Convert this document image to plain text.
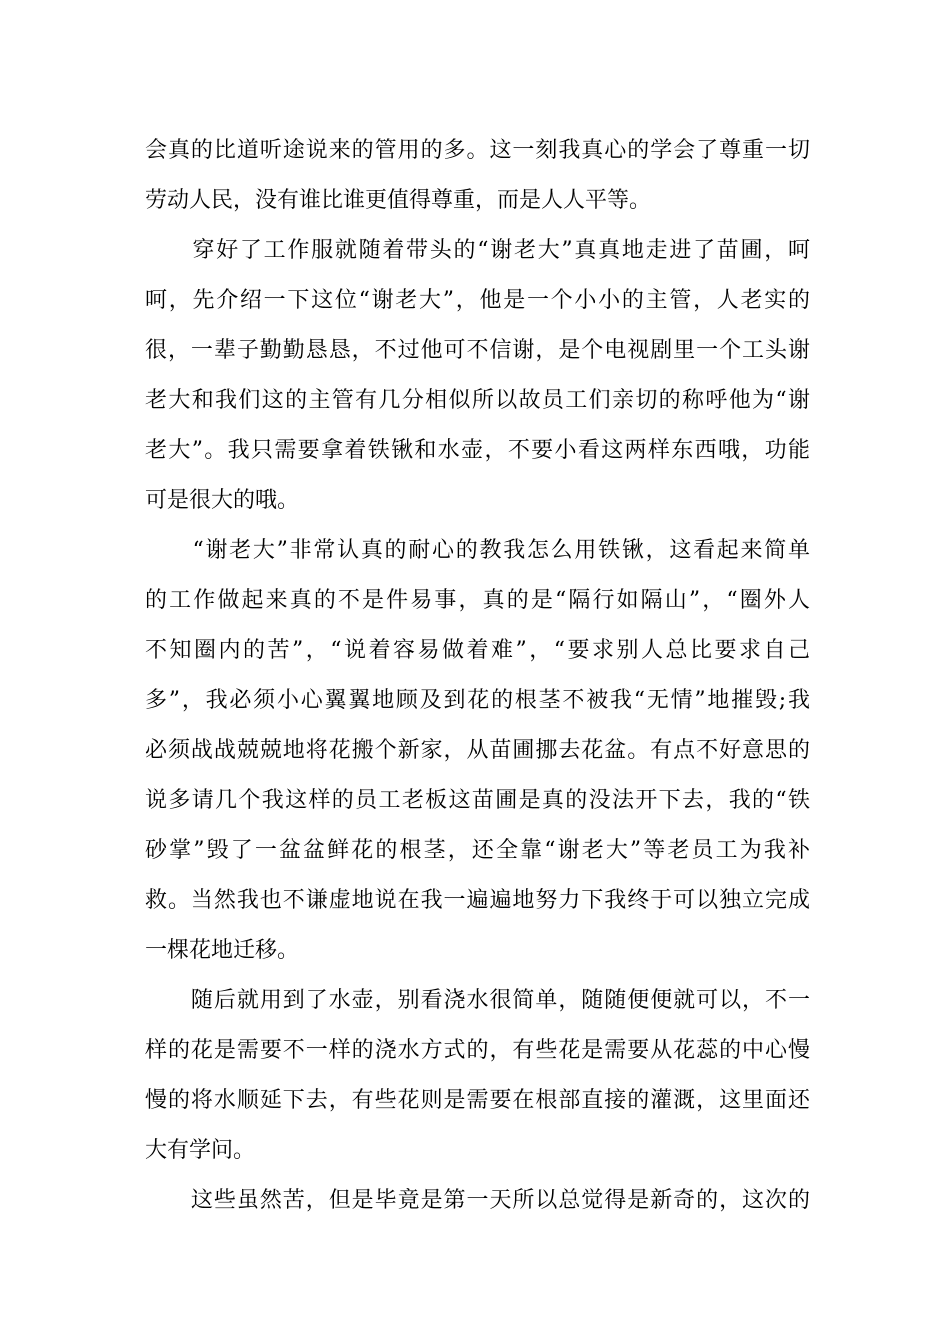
会真的比道听途说来的管用的多。这一刻我真心的学会了尊重一切
劳动人民，没有谁比谁更值得尊重，而是人人平等。
　　穿好了工作服就随着带头的“谢老大”真真地走进了苗圃，呵
呵，先介绍一下这位“谢老大”，他是一个小小的主管，人老实的
很，一辈子勤勤恳恳，不过他可不信谢，是个电视剧里一个工头谢
老大和我们这的主管有几分相似所以故员工们亲切的称呼他为“谢
老大”。我只需要拿着铁锹和水壶，不要小看这两样东西哦，功能
可是很大的哦。
　　“谢老大”非常认真的耐心的教我怎么用铁锹，这看起来简单
的工作做起来真的不是件易事，真的是“隔行如隔山”，“圈外人
不知圈内的苦”，“说着容易做着难”，“要求别人总比要求自己
多”，我必须小心翼翼地顾及到花的根茎不被我“无情”地摧毁;我
必须战战兢兢地将花搬个新家，从苗圃挪去花盆。有点不好意思的
说多请几个我这样的员工老板这苗圃是真的没法开下去，我的“铁
砂掌”毁了一盆盆鲜花的根茎，还全靠“谢老大”等老员工为我补
救。当然我也不谦虚地说在我一遍遍地努力下我终于可以独立完成
一棵花地迁移。
　　随后就用到了水壶，别看浇水很简单，随随便便就可以，不一
样的花是需要不一样的浇水方式的，有些花是需要从花蕊的中心慢
慢的将水顺延下去，有些花则是需要在根部直接的灌溉，这里面还
大有学问。
　　这些虽然苦，但是毕竟是第一天所以总觉得是新奇的，这次的
